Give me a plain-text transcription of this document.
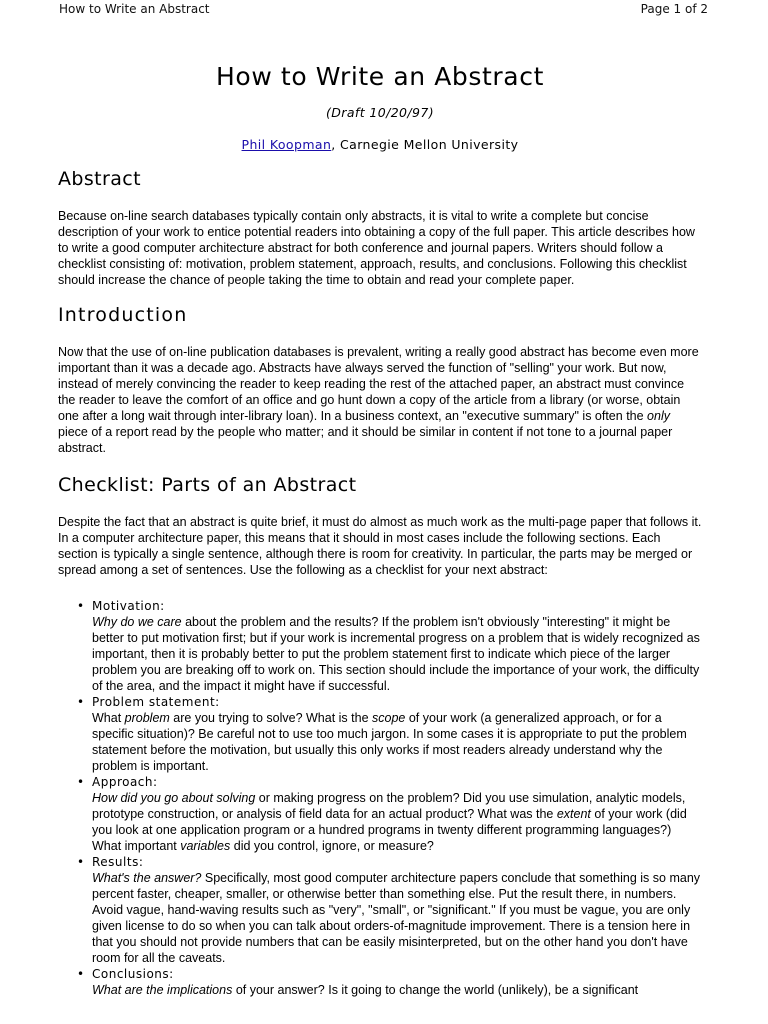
How to Write an Abstract	Page 1 of 2
How to Write an Abstract
(Draft 10/20/97)
Phil Koopman, Carnegie Mellon University
Abstract

Because on-line search databases typically contain only abstracts, it is vital to write a complete but concise description of your work to entice potential readers into obtaining a copy of the full paper. This article describes how to write a good computer architecture abstract for both conference and journal papers. Writers should follow a checklist consisting of: motivation, problem statement, approach, results, and conclusions. Following this checklist should increase the chance of people taking the time to obtain and read your complete paper.

Introduction

Now that the use of on-line publication databases is prevalent, writing a really good abstract has become even more important than it was a decade ago. Abstracts have always served the function of "selling" your work. But now, instead of merely convincing the reader to keep reading the rest of the attached paper, an abstract must convince the reader to leave the comfort of an office and go hunt down a copy of the article from a library (or worse, obtain one after a long wait through inter-library loan). In a business context, an "executive summary" is often the only piece of a report read by the people who matter; and it should be similar in content if not tone to a journal paper abstract.

Checklist: Parts of an Abstract

Despite the fact that an abstract is quite brief, it must do almost as much work as the multi-page paper that follows it. In a computer architecture paper, this means that it should in most cases include the following sections. Each section is typically a single sentence, although there is room for creativity. In particular, the parts may be merged or spread among a set of sentences. Use the following as a checklist for your next abstract:

• Motivation:

Why do we care about the problem and the results? If the problem isn't obviously "interesting" it might be better to put motivation first; but if your work is incremental progress on a problem that is widely recognized as important, then it is probably better to put the problem statement first to indicate which piece of the larger problem you are breaking off to work on. This section should include the importance of your work, the difficulty of the area, and the impact it might have if successful.

• Problem statement:

What problem are you trying to solve? What is the scope of your work (a generalized approach, or for a specific situation)? Be careful not to use too much jargon. In some cases it is appropriate to put the problem statement before the motivation, but usually this only works if most readers already understand why the problem is important.

• Approach:

How did you go about solving or making progress on the problem? Did you use simulation, analytic models, prototype construction, or analysis of field data for an actual product? What was the extent of your work (did you look at one application program or a hundred programs in twenty different programming languages?) What important variables did you control, ignore, or measure?

• Results:

What's the answer? Specifically, most good computer architecture papers conclude that something is so many percent faster, cheaper, smaller, or otherwise better than something else. Put the result there, in numbers. Avoid vague, hand-waving results such as "very", "small", or "significant." If you must be vague, you are only given license to do so when you can talk about orders-of-magnitude improvement. There is a tension here in that you should not provide numbers that can be easily misinterpreted, but on the other hand you don't have room for all the caveats.

• Conclusions:

What are the implications of your answer? Is it going to change the world (unlikely), be a significant
